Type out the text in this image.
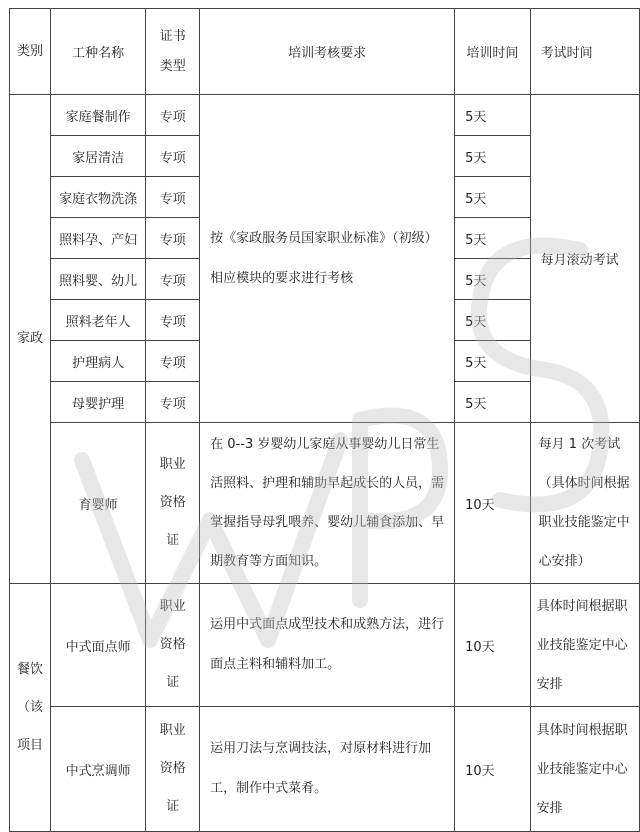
类别	工种名称	证书类型	培训考核要求	培训时间	考试时间
家政	家庭餐制作	专项	按《家政服务员国家职业标准》（初级）相应模块的要求进行考核	5天	每月滚动考试
	家居清洁	专项		5天	
	家庭衣物洗涤	专项		5天	
	照料孕、产妇	专项		5天	
	照料婴、幼儿	专项		5天	
	照料老年人	专项		5天	
	护理病人	专项		5天	
	母婴护理	专项		5天	
	育婴师	职业资格证	在 0--3 岁婴幼儿家庭从事婴幼儿日常生活照料、护理和辅助早起成长的人员，需掌握指导母乳喂养、婴幼儿辅食添加、早期教育等方面知识。	10天	每月 1 次考试（具体时间根据职业技能鉴定中心安排）
餐饮（该项目	中式面点师	职业资格证	运用中式面点成型技术和成熟方法，进行面点主料和辅料加工。	10天	具体时间根据职业技能鉴定中心安排
	中式烹调师	职业资格证	运用刀法与烹调技法，对原材料进行加工，制作中式菜肴。	10天	具体时间根据职业技能鉴定中心安排
